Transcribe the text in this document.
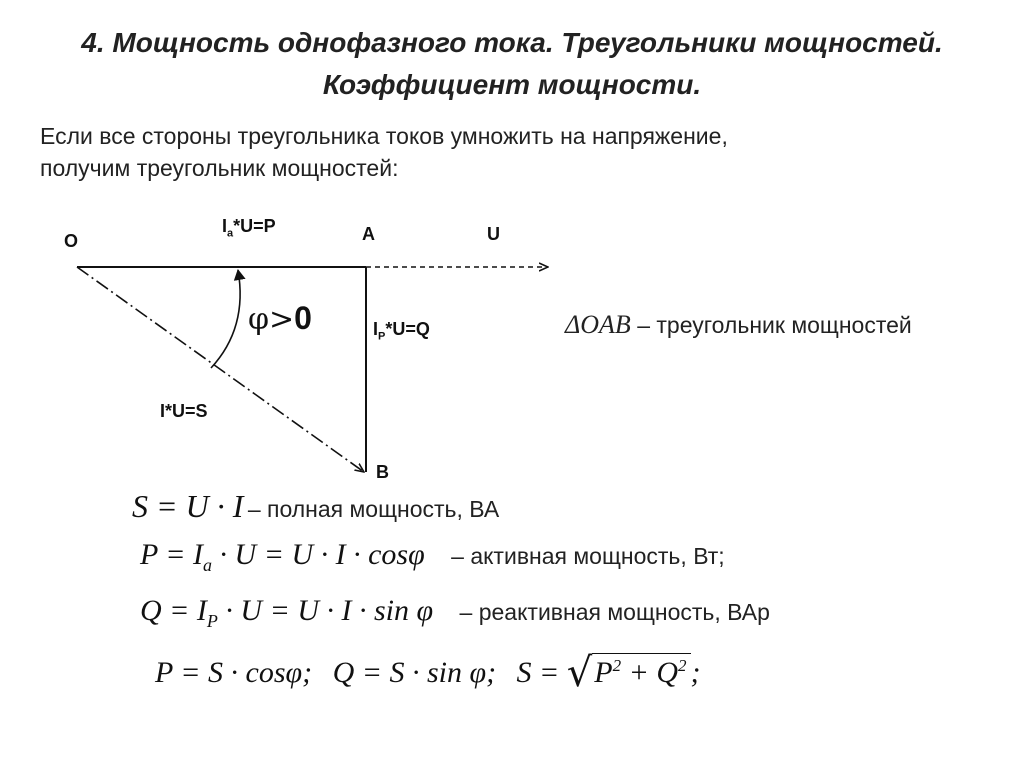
4. Мощность однофазного тока. Треугольники мощностей.
Коэффициент мощности.
Если все стороны треугольника токов умножить на напряжение,
получим треугольник мощностей:
O	A
B
U
$I_a*U=P$
$I_P*U=Q$
I*U=S
φ>0	ΔOAB – треугольник мощностей
S = U · I – полная мощность, ВА
$P = I_a \cdot U = U \cdot I \cdot \cos\varphi$ – активная мощность, Вт;
$Q = I_P \cdot U = U \cdot I \cdot \sin \varphi$ – реактивная мощность, ВАр
P = S · cosφ; Q = S · sin φ; $S = √P^2 + Q^2$ ;
